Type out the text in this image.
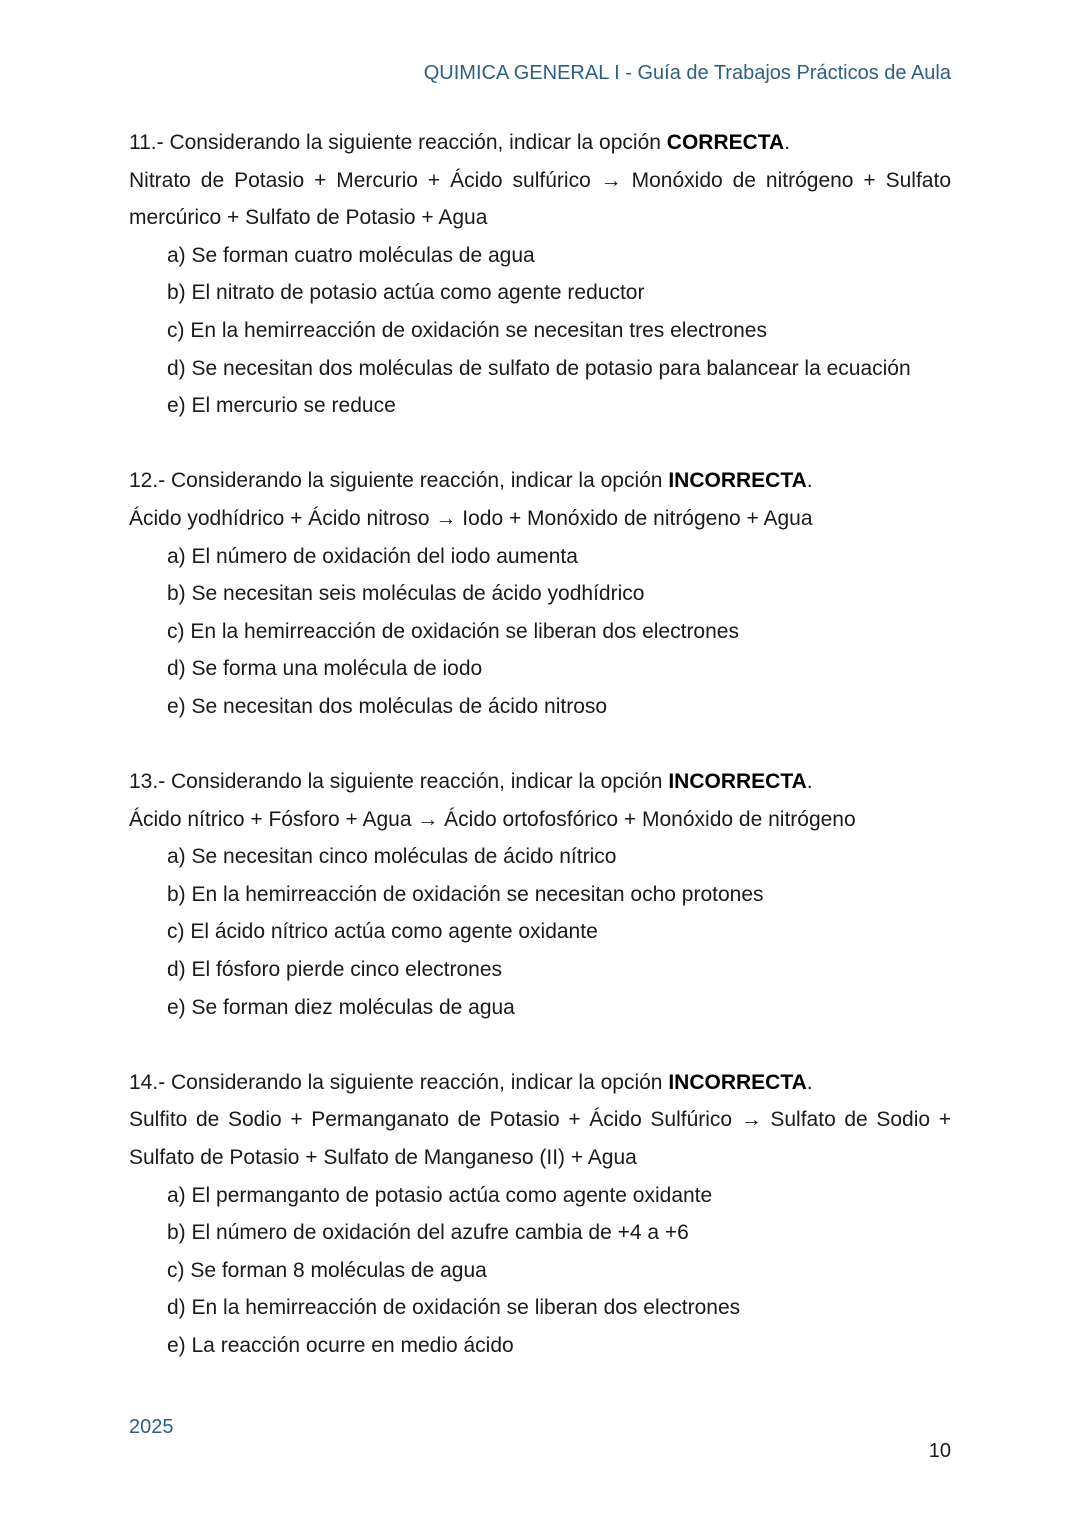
QUIMICA GENERAL I - Guía de Trabajos Prácticos de Aula

11.- Considerando la siguiente reacción, indicar la opción CORRECTA.

Nitrato de Potasio + Mercurio + Ácido sulfúrico → Monóxido de nitrógeno + Sulfato mercúrico + Sulfato de Potasio + Agua

a) Se forman cuatro moléculas de agua
b) El nitrato de potasio actúa como agente reductor
c) En la hemirreacción de oxidación se necesitan tres electrones
d) Se necesitan dos moléculas de sulfato de potasio para balancear la ecuación
e) El mercurio se reduce

12.- Considerando la siguiente reacción, indicar la opción INCORRECTA.

Ácido yodhídrico + Ácido nitroso → Iodo + Monóxido de nitrógeno + Agua

a) El número de oxidación del iodo aumenta
b) Se necesitan seis moléculas de ácido yodhídrico
c) En la hemirreacción de oxidación se liberan dos electrones
d) Se forma una molécula de iodo
e) Se necesitan dos moléculas de ácido nitroso

13.- Considerando la siguiente reacción, indicar la opción INCORRECTA.

Ácido nítrico + Fósforo + Agua → Ácido ortofosfórico + Monóxido de nitrógeno

a) Se necesitan cinco moléculas de ácido nítrico
b) En la hemirreacción de oxidación se necesitan ocho protones
c) El ácido nítrico actúa como agente oxidante
d) El fósforo pierde cinco electrones
e) Se forman diez moléculas de agua

14.- Considerando la siguiente reacción, indicar la opción INCORRECTA.

Sulfito de Sodio + Permanganato de Potasio + Ácido Sulfúrico → Sulfato de Sodio + Sulfato de Potasio + Sulfato de Manganeso (II) + Agua

a) El permanganto de potasio actúa como agente oxidante
b) El número de oxidación del azufre cambia de +4 a +6
c) Se forman 8 moléculas de agua
d) En la hemirreacción de oxidación se liberan dos electrones
e) La reacción ocurre en medio ácido
2025
10
